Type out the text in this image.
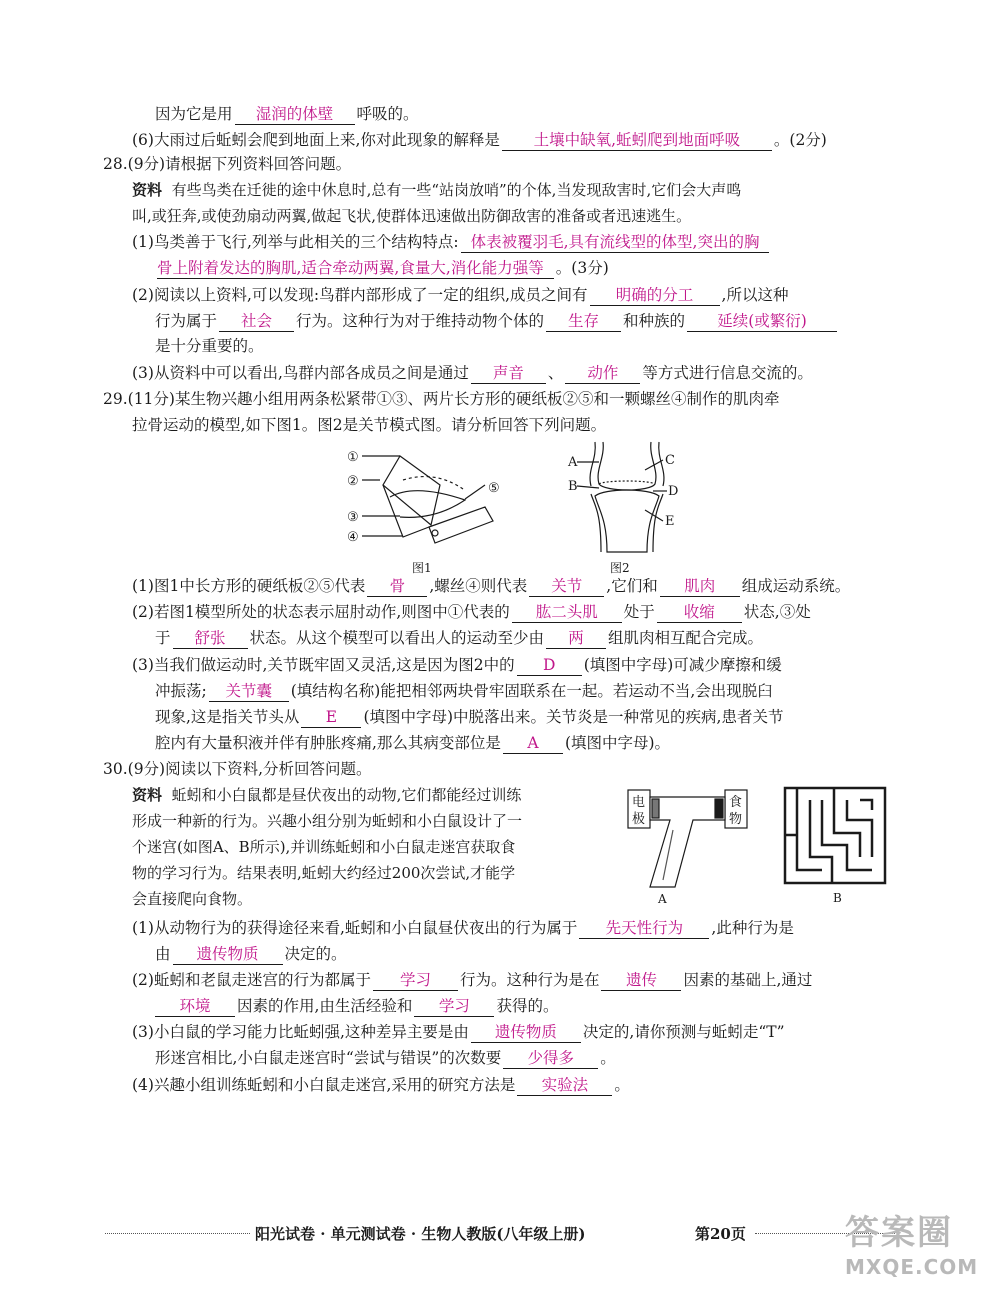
因为它是用 湿润的体壁 呼吸的。
(6)大雨过后蚯蚓会爬到地面上来,你对此现象的解释是 土壤中缺氧,蚯蚓爬到地面呼吸 。(2分)
28.(9分)请根据下列资料回答问题。
资料 有些鸟类在迁徙的途中休息时,总有一些“站岗放哨”的个体,当发现敌害时,它们会大声鸣
叫,或狂奔,或使劲扇动两翼,做起飞状,使群体迅速做出防御敌害的准备或者迅速逃生。
(1)鸟类善于飞行,列举与此相关的三个结构特点: 体表被覆羽毛,具有流线型的体型,突出的胸
骨上附着发达的胸肌,适合牵动两翼,食量大,消化能力强等 。(3分)
(2)阅读以上资料,可以发现:鸟群内部形成了一定的组织,成员之间有 明确的分工 ,所以这种
行为属于 社会 行为。这种行为对于维持动物个体的 生存 和种族的 延续(或繁衍)
是十分重要的。
(3)从资料中可以看出,鸟群内部各成员之间是通过 声音 、 动作 等方式进行信息交流的。
29.(11分)某生物兴趣小组用两条松紧带①③、两片长方形的硬纸板②⑤和一颗螺丝④制作的肌肉牵
拉骨运动的模型,如下图1。图2是关节模式图。请分析回答下列问题。
①
②
③
④
⑤
图1
A
B
C
D
E
图2
(1)图1中长方形的硬纸板②⑤代表 骨 ,螺丝④则代表 关节 ,它们和 肌肉 组成运动系统。
(2)若图1模型所处的状态表示屈肘动作,则图中①代表的 肱二头肌 处于 收缩 状态,③处
于 舒张 状态。从这个模型可以看出人的运动至少由 两 组肌肉相互配合完成。
(3)当我们做运动时,关节既牢固又灵活,这是因为图2中的 D (填图中字母)可减少摩擦和缓
冲振荡; 关节囊 (填结构名称)能把相邻两块骨牢固联系在一起。若运动不当,会出现脱臼
现象,这是指关节头从 E (填图中字母)中脱落出来。关节炎是一种常见的疾病,患者关节
腔内有大量积液并伴有肿胀疼痛,那么其病变部位是 A (填图中字母)。
30.(9分)阅读以下资料,分析回答问题。
资料 蚯蚓和小白鼠都是昼伏夜出的动物,它们都能经过训练
形成一种新的行为。兴趣小组分别为蚯蚓和小白鼠设计了一
个迷宫(如图A、B所示),并训练蚯蚓和小白鼠走迷宫获取食
物的学习行为。结果表明,蚯蚓大约经过200次尝试,才能学
会直接爬向食物。
电
极
食
物
A	B
(1)从动物行为的获得途径来看,蚯蚓和小白鼠昼伏夜出的行为属于 先天性行为 ,此种行为是
由 遗传物质 决定的。
(2)蚯蚓和老鼠走迷宫的行为都属于 学习 行为。这种行为是在 遗传 因素的基础上,通过
环境 因素的作用,由生活经验和 学习 获得的。
(3)小白鼠的学习能力比蚯蚓强,这种差异主要是由 遗传物质 决定的,请你预测与蚯蚓走“T”
形迷宫相比,小白鼠走迷宫时“尝试与错误”的次数要 少得多 。
(4)兴趣小组训练蚯蚓和小白鼠走迷宫,采用的研究方法是 实验法 。
阳光试卷 · 单元测试卷 · 生物人教版(八年级上册)	第20页	答案圈
MXQE.COM
